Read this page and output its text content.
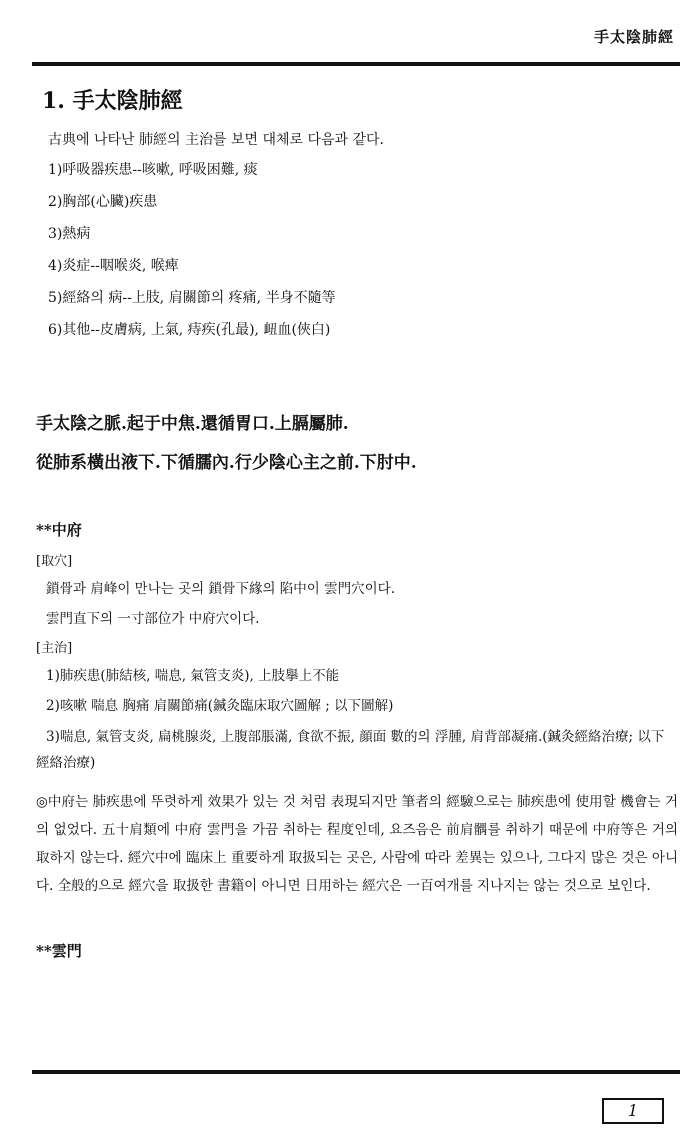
手太陰肺經
1. 手太陰肺經
古典에 나타난 肺經의 主治를 보면 대체로 다음과 같다.
1)呼吸器疾患--咳嗽, 呼吸困難, 痰
2)胸部(心臟)疾患
3)熱病
4)炎症--咽喉炎, 喉痺
5)經絡의 病--上肢, 肩關節의 疼痛, 半身不隨等
6)其他--皮膚病, 上氣, 痔疾(孔最), 衄血(俠白)

手太陰之脈.起于中焦.還循胃口.上膈屬肺.

從肺系橫出液下.下循臑內.行少陰心主之前.下肘中.

**中府
[取穴]
鎖骨과 肩峰이 만나는 곳의 鎖骨下緣의 陷中이 雲門穴이다.
雲門直下의 一寸部位가 中府穴이다.
[主治]
1)肺疾患(肺結核, 喘息, 氣管支炎), 上肢擧上不能
2)咳嗽 喘息 胸痛 肩關節痛(鍼灸臨床取穴圖解 ; 以下圖解)
3)喘息, 氣管支炎, 扁桃腺炎, 上腹部脹滿, 食欲不振, 顔面 數的의 浮腫, 肩背部凝痛.(鍼灸經絡治療; 以下 經絡治療)
◎中府는 肺疾患에 뚜렷하게 效果가 있는 것 처럼 表現되지만 筆者의 經驗으로는 肺疾患에 使用할 機會는 거의 없었다. 五十肩類에 中府 雲門을 가끔 취하는 程度인데, 요즈음은 前肩髃를 취하기 때문에 中府等은 거의 取하지 않는다. 經穴中에 臨床上 重要하게 取扱되는 곳은, 사람에 따라 差異는 있으나, 그다지 많은 것은 아니다. 全般的으로 經穴을 取扱한 書籍이 아니면 日用하는 經穴은 一百여개를 지나지는 않는 것으로 보인다.
**雲門
1
